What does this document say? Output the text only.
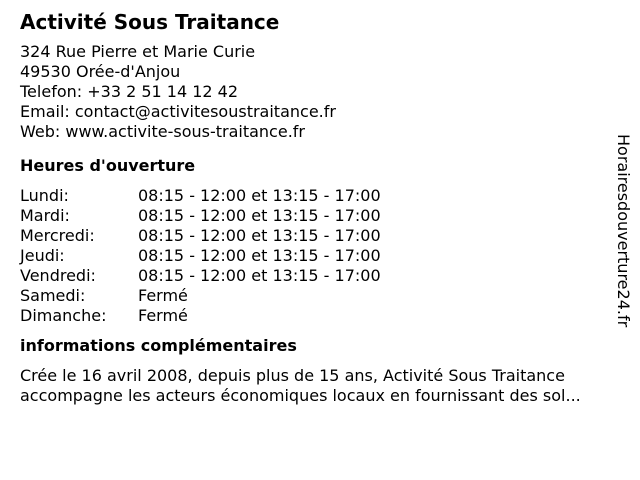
Activité Sous Traitance
324 Rue Pierre et Marie Curie
49530 Orée-d'Anjou
Telefon: +33 2 51 14 12 42
Email: contact@activitesoustraitance.fr
Web: www.activite-sous-traitance.fr
Heures d'ouverture
Lundi:	08:15 - 12:00 et 13:15 - 17:00
Mardi:	08:15 - 12:00 et 13:15 - 17:00
Mercredi:	08:15 - 12:00 et 13:15 - 17:00
Jeudi:	08:15 - 12:00 et 13:15 - 17:00
Vendredi:	08:15 - 12:00 et 13:15 - 17:00
Samedi:	Fermé
Dimanche:	Fermé
informations complémentaires
Crée le 16 avril 2008, depuis plus de 15 ans, Activité Sous Traitance
accompagne les acteurs économiques locaux en fournissant des sol...
Horairesdouverture24.fr
